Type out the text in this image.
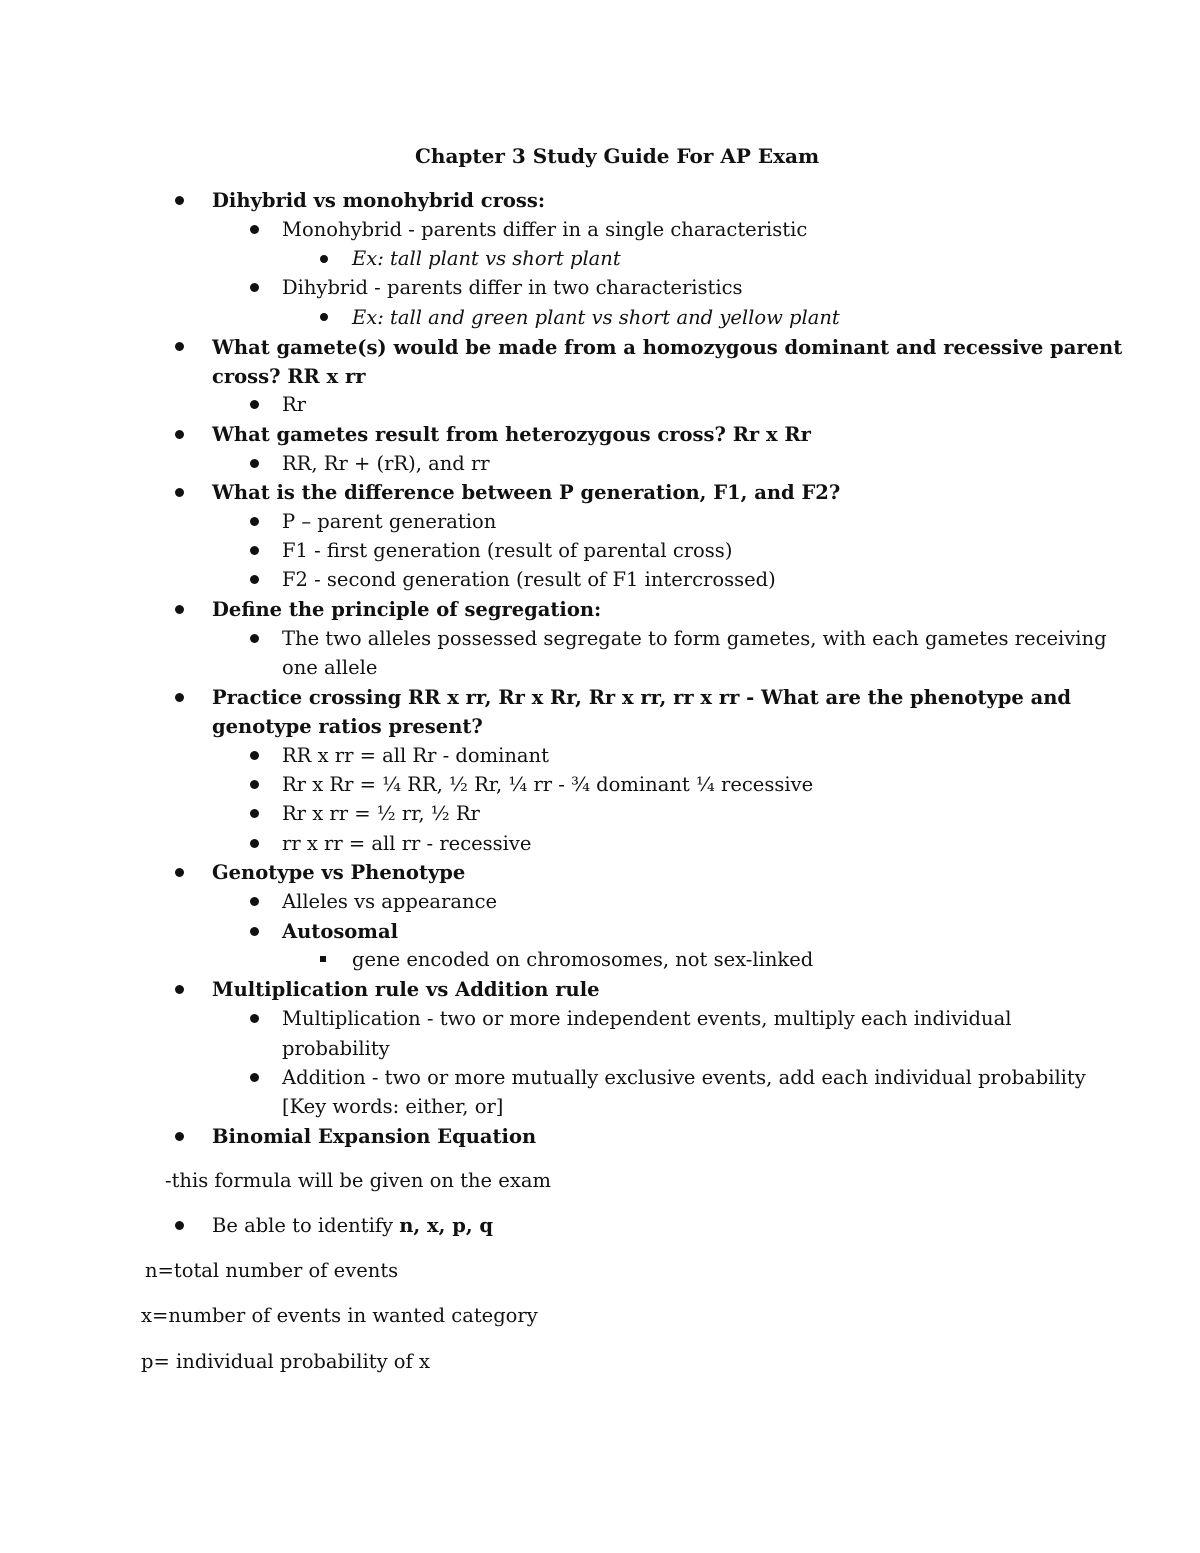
Chapter 3 Study Guide For AP Exam
Dihybrid vs monohybrid cross:
Monohybrid - parents differ in a single characteristic
Ex: tall plant vs short plant
Dihybrid - parents differ in two characteristics
Ex: tall and green plant vs short and yellow plant
What gamete(s) would be made from a homozygous dominant and recessive parent
cross? RR x rr
Rr
What gametes result from heterozygous cross? Rr x Rr
RR, Rr + (rR), and rr
What is the difference between P generation, F1, and F2?
P – parent generation
F1 - first generation (result of parental cross)
F2 - second generation (result of F1 intercrossed)
Define the principle of segregation:
The two alleles possessed segregate to form gametes, with each gametes receiving
one allele
Practice crossing RR x rr, Rr x Rr, Rr x rr, rr x rr - What are the phenotype and
genotype ratios present?
RR x rr = all Rr - dominant
Rr x Rr = ¼ RR, ½ Rr, ¼ rr - ¾ dominant ¼ recessive
Rr x rr = ½ rr, ½ Rr
rr x rr = all rr - recessive
Genotype vs Phenotype
Alleles vs appearance
Autosomal
gene encoded on chromosomes, not sex-linked
Multiplication rule vs Addition rule
Multiplication - two or more independent events, multiply each individual
probability
Addition - two or more mutually exclusive events, add each individual probability
[Key words: either, or]
Binomial Expansion Equation
-this formula will be given on the exam
Be able to identify n, x, p, q
n=total number of events
x=number of events in wanted category
p= individual probability of x
